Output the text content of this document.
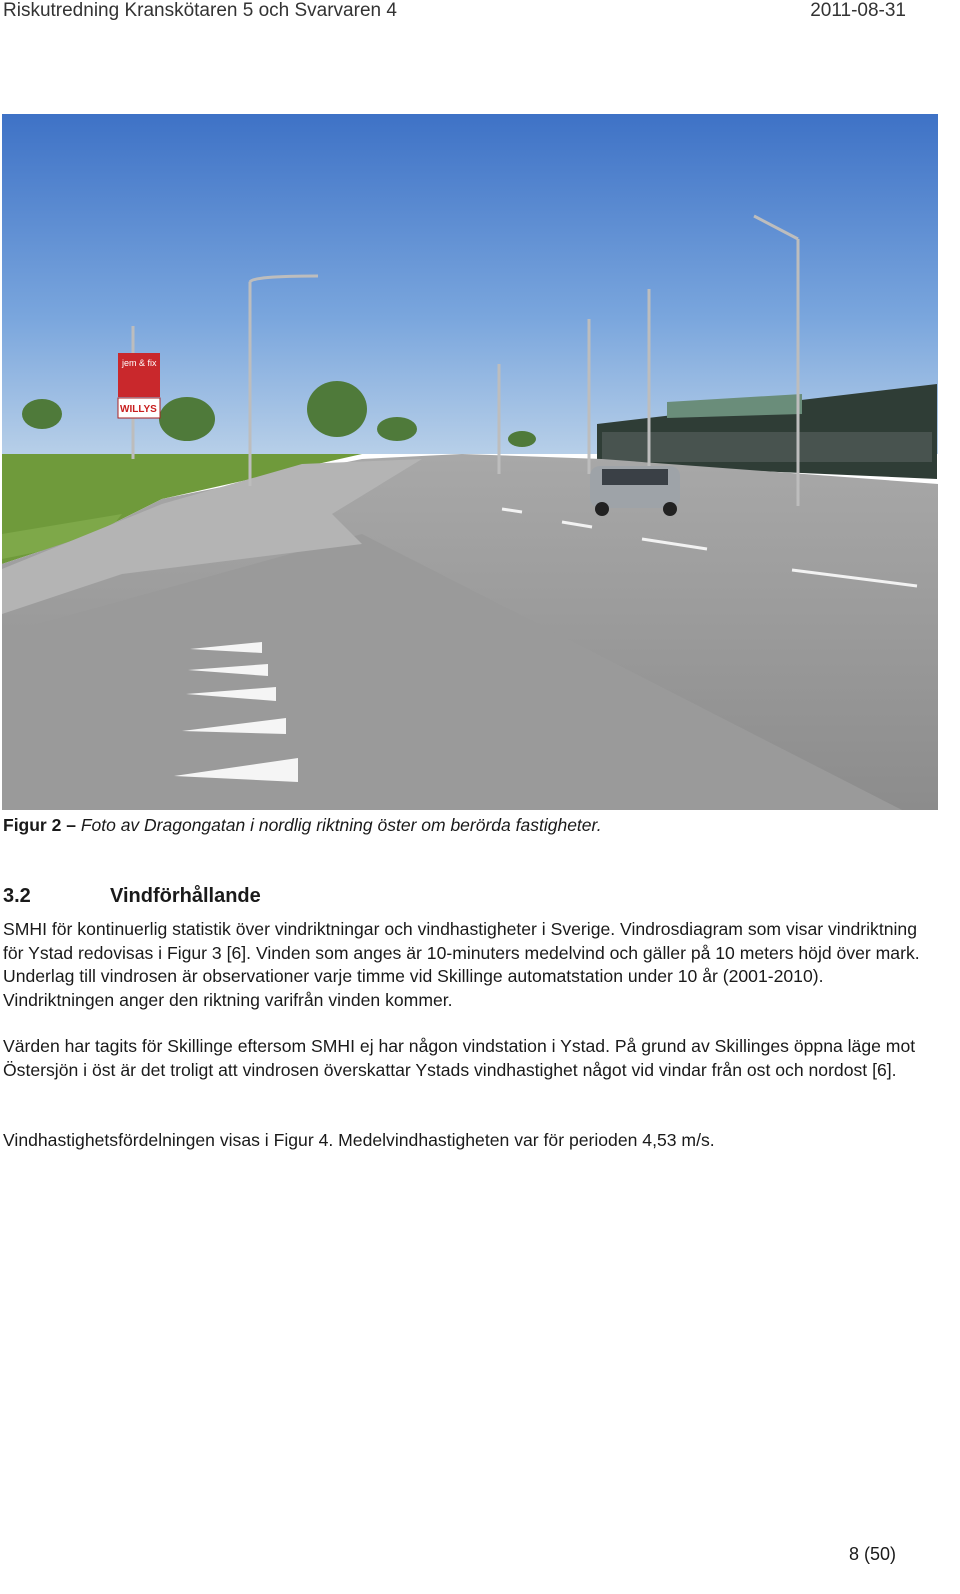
Riskutredning Kranskötaren 5 och Svarvaren 4	2011-08-31
jem & fix
WILLYS
Figur 2 – Foto av Dragongatan i nordlig riktning öster om berörda fastigheter.
3.2	Vindförhållande
SMHI för kontinuerlig statistik över vindriktningar och vindhastigheter i Sverige. Vindrosdiagram som visar vindriktning för Ystad redovisas i Figur 3 [6]. Vinden som anges är 10-minuters medelvind och gäller på 10 meters höjd över mark. Underlag till vindrosen är observationer varje timme vid Skillinge automatstation under 10 år (2001-2010). Vindriktningen anger den riktning varifrån vinden kommer.
Värden har tagits för Skillinge eftersom SMHI ej har någon vindstation i Ystad. På grund av Skillinges öppna läge mot Östersjön i öst är det troligt att vindrosen överskattar Ystads vindhastighet något vid vindar från ost och nordost [6].
Vindhastighetsfördelningen visas i Figur 4. Medelvindhastigheten var för perioden 4,53 m/s.
8 (50)
